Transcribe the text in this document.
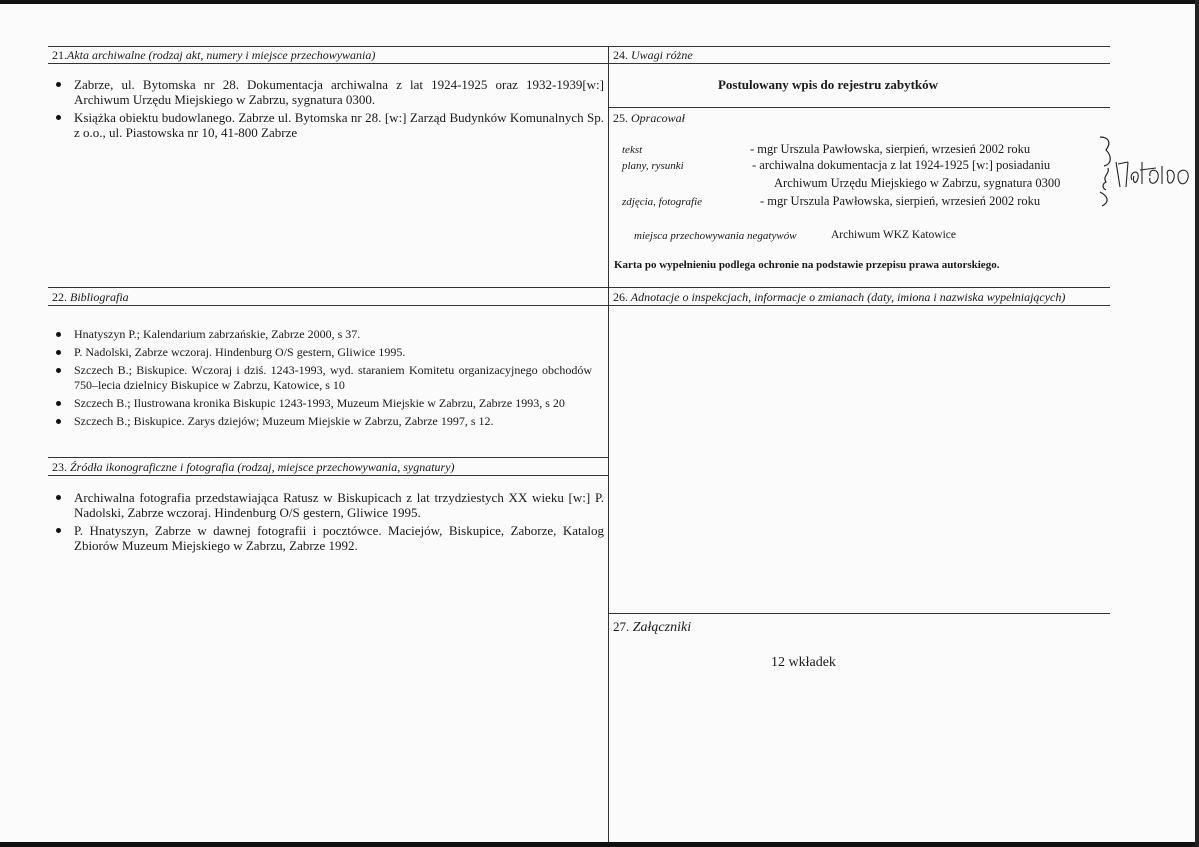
21.Akta archiwalne (rodzaj akt, numery i miejsce przechowywania)
Zabrze, ul. Bytomska nr 28. Dokumentacja archiwalna z lat 1924-1925 oraz 1932-1939[w:] Archiwum Urzędu Miejskiego w Zabrzu, sygnatura 0300.
Książka obiektu budowlanego. Zabrze ul. Bytomska nr 28. [w:] Zarząd Budynków Komunalnych Sp. z o.o., ul. Piastowska nr 10, 41-800 Zabrze
22. Bibliografia
Hnatyszyn P.; Kalendarium zabrzańskie, Zabrze 2000, s 37.
P. Nadolski, Zabrze wczoraj. Hindenburg O/S gestern, Gliwice 1995.
Szczech B.; Biskupice. Wczoraj i dziś. 1243-1993, wyd. staraniem Komitetu organizacyjnego obchodów 750–lecia dzielnicy Biskupice w Zabrzu, Katowice, s 10
Szczech B.; Ilustrowana kronika Biskupic 1243-1993, Muzeum Miejskie w Zabrzu, Zabrze 1993, s 20
Szczech B.; Biskupice. Zarys dziejów; Muzeum Miejskie w Zabrzu, Zabrze 1997, s 12.
23. Źródła ikonograficzne i fotografia (rodzaj, miejsce przechowywania, sygnatury)
Archiwalna fotografia przedstawiająca Ratusz w Biskupicach z lat trzydziestych XX wieku [w:] P. Nadolski, Zabrze wczoraj. Hindenburg O/S gestern, Gliwice 1995.
P. Hnatyszyn, Zabrze w dawnej fotografii i pocztówce. Maciejów, Biskupice, Zaborze, Katalog Zbiorów Muzeum Miejskiego w Zabrzu, Zabrze 1992.
24. Uwagi różne
Postulowany wpis do rejestru zabytków
25. Opracował
tekst	- mgr Urszula Pawłowska, sierpień, wrzesień 2002 roku
plany, rysunki	- archiwalna dokumentacja z lat 1924-1925 [w:] posiadaniu
Archiwum Urzędu Miejskiego w Zabrzu, sygnatura 0300
zdjęcia, fotografie	- mgr Urszula Pawłowska, sierpień, wrzesień 2002 roku
miejsca przechowywania negatywów	Archiwum WKZ Katowice
Karta po wypełnieniu podlega ochronie na podstawie przepisu prawa autorskiego.
26. Adnotacje o inspekcjach, informacje o zmianach (daty, imiona i nazwiska wypełniających)
27. Załączniki
12 wkładek
